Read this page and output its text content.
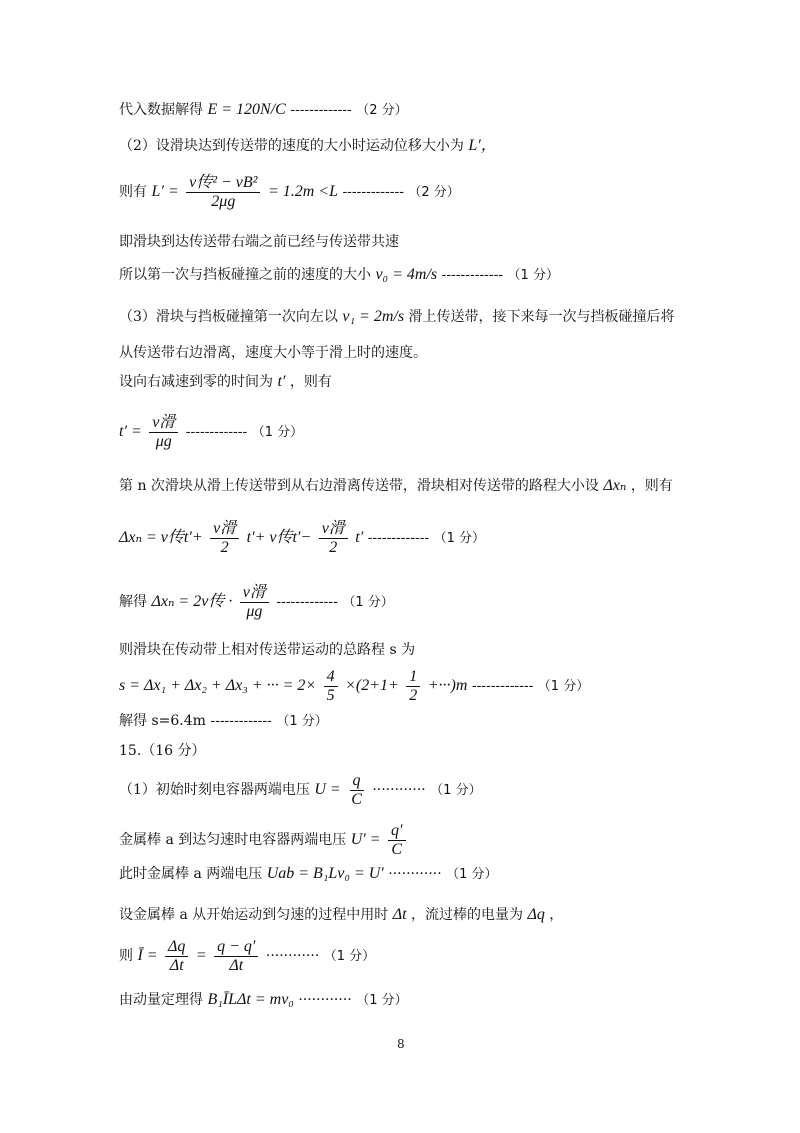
代入数据解得 E = 120N/C ------------- （2 分）
（2）设滑块达到传送带的速度的大小时运动位移大小为 L′，
则有 $L' = \frac{\text{v传² − vB²}}{2\mu g} = 1.2m <L$ ------------- （2 分）
即滑块到达传送带右端之前已经与传送带共速
所以第一次与挡板碰撞之前的速度的大小 v₀ = 4m/s ------------- （1 分）
（3）滑块与挡板碰撞第一次向左以 v₁ = 2m/s 滑上传送带，接下来每一次与挡板碰撞后将
从传送带右边滑离，速度大小等于滑上时的速度。
设向右减速到零的时间为 t′ ，则有
$t' = \frac{\text{v滑}}{\mu g}$ ------------- （1 分）
第 n 次滑块从滑上传送带到从右边滑离传送带，滑块相对传送带的路程大小设 Δxₙ ，则有
Δxₙ = v传$t'+ \frac{\text{v滑}}{2} t'+ v$传$t'- \frac{\text{v滑}}{2} t'$ ------------- （1 分）
解得 Δxₙ = 2v传 · $\frac{\text{v滑}}{\mu g}$ ------------- （1 分）
则滑块在传动带上相对传送带运动的总路程 s 为
s = Δx₁ + Δx₂ + Δx₃ + ··· = $2\times \frac{4}{5} \times(2+1+ \frac{1}{2} +\cdot\cdot\cdot)m$ ------------- （1 分）
解得 s=6.4m ------------- （1 分）
15.（16 分）
（1）初始时刻电容器两端电压 $U = \frac{q}{C}$ ············ （1 分）
金属棒 a 到达匀速时电容器两端电压 $U' = \frac{q'}{C}$
此时金属棒 a 两端电压 Uab = B₁Lv₀ = U′ ············ （1 分）
设金属棒 a 从开始运动到匀速的过程中用时 Δt ，流过棒的电量为 Δq ，
则 Ī = $\frac{\Delta q}{\Delta t} = \frac{q - q'}{\Delta t}$ ············ （1 分）
由动量定理得 B₁ĪLΔt = mv₀ ············ （1 分）
8
